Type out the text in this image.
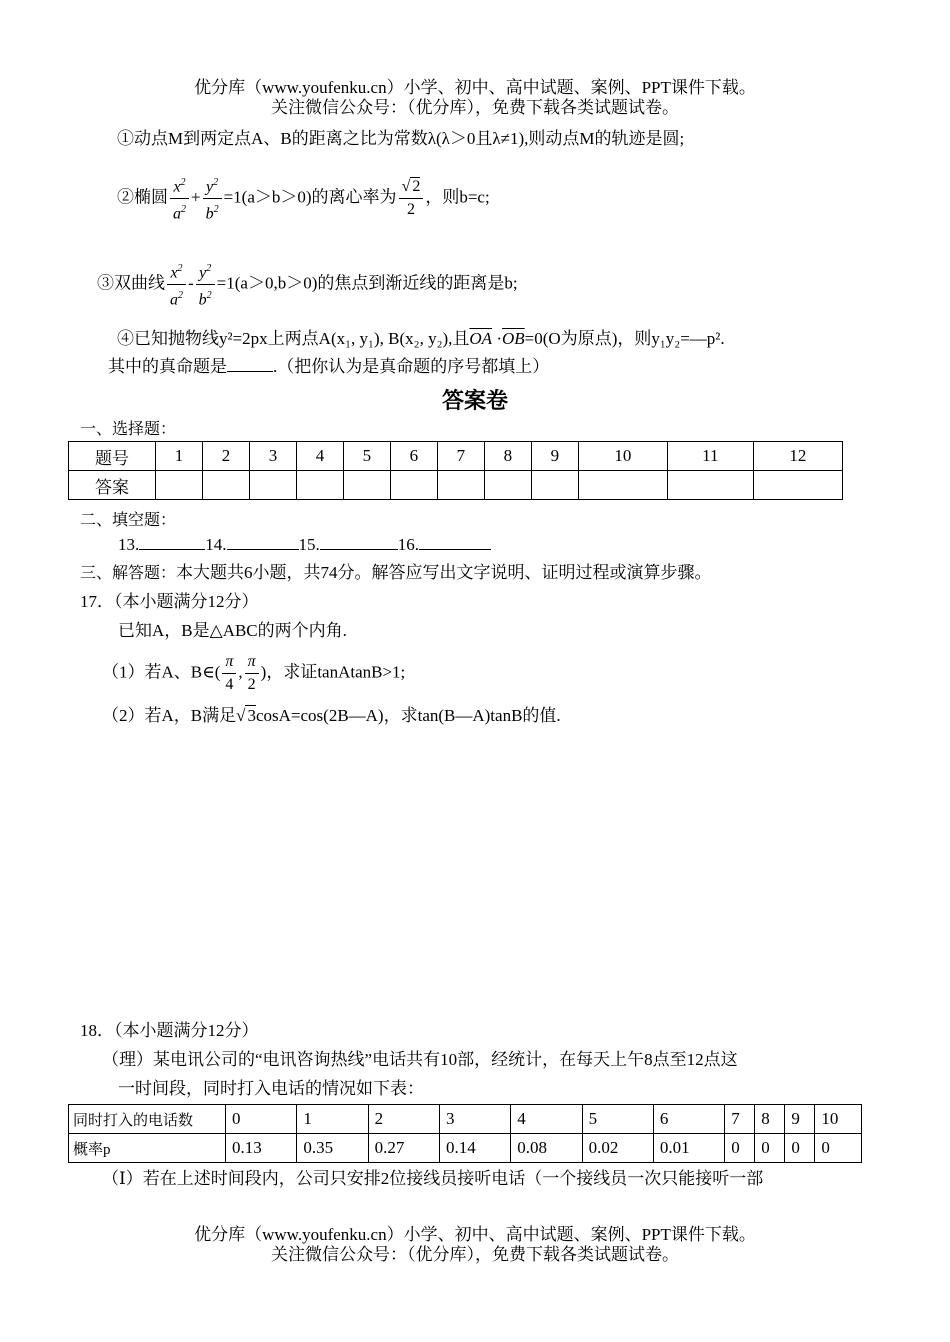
优分库（www.youfenku.cn）小学、初中、高中试题、案例、PPT课件下载。
关注微信公众号：（优分库），免费下载各类试题试卷。
①动点M到两定点A、B的距离之比为常数λ(λ＞0且λ≠1),则动点M的轨迹是圆;
②椭圆 $\frac{x^2}{a^2} + \frac{y^2}{b^2} =1(a>b>0)$的离心率为 $\frac{√ 2}{2}$ ，则b=c;
③双曲线 $\frac{x^2}{a^2} - \frac{y^2}{b^2} =1(a>0,b>0)$的焦点到渐近线的距离是b;
④已知抛物线y²=2px上两点A(x₁, y₁), B(x₂, y₂),且$\overline{OA} \cdot\overline{OB}=0(O$为原点)，则y₁y₂=—p².
其中的真命题是	.（把你认为是真命题的序号都填上）
答案卷
一、选择题：
题号	1	2	3	4	5	6	7	8	9	10	11	12
答案												
二、填空题：
13.	14.	15.	16.
三、解答题：本大题共6小题，共74分。解答应写出文字说明、证明过程或演算步骤。
17．（本小题满分12分）
已知A，B是△ABC的两个内角.
（1）若A、B∈( $\frac{\pi}{4}$ , $\frac{\pi}{2}$ )，求证tanAtanB>1;
（2）若A，B满足√ 3cosA=cos(2B—A)，求tan(B—A)tanB的值.
18．（本小题满分12分）
（理）某电讯公司的“电讯咨询热线”电话共有10部，经统计，在每天上午8点至12点这
一时间段，同时打入电话的情况如下表：
同时打入的电话数	0	1	2	3	4	5	6	7	8	9	10
概率p	0.13	0.35	0.27	0.14	0.08	0.02	0.01	0	0	0	0
（Ⅰ）若在上述时间段内，公司只安排2位接线员接听电话（一个接线员一次只能接听一部
优分库（www.youfenku.cn）小学、初中、高中试题、案例、PPT课件下载。
关注微信公众号：（优分库），免费下载各类试题试卷。
